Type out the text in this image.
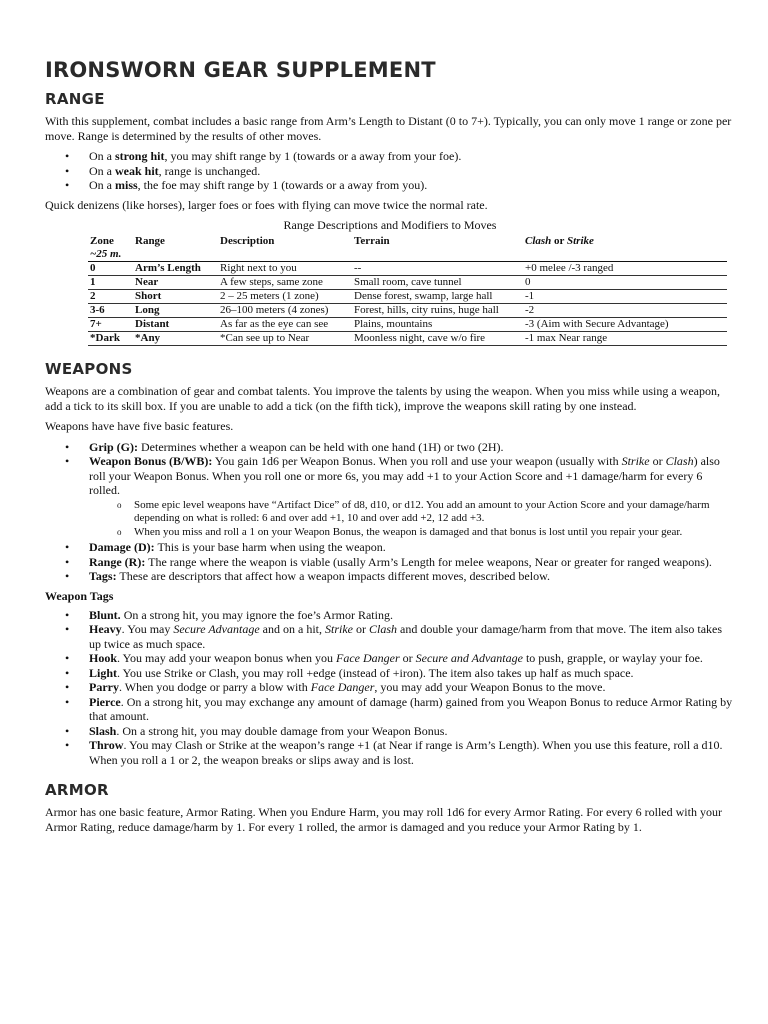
IRONSWORN GEAR SUPPLEMENT
RANGE

With this supplement, combat includes a basic range from Arm’s Length to Distant (0 to 7+). Typically, you can only move 1 range or zone per move. Range is determined by the results of other moves.

• On a strong hit, you may shift range by 1 (towards or a away from your foe).
• On a weak hit, range is unchanged.
• On a miss, the foe may shift range by 1 (towards or a away from you).

Quick denizens (like horses), larger foes or foes with flying can move twice the normal rate.

Range Descriptions and Modifiers to Moves
Zone
~25 m.	Range	Description	Terrain	Clash or Strike
0	Arm’s Length	Right next to you	--	+0 melee /-3 ranged
1	Near	A few steps, same zone	Small room, cave tunnel	0
2	Short	2 – 25 meters (1 zone)	Dense forest, swamp, large hall	-1
3-6	Long	26–100 meters (4 zones)	Forest, hills, city ruins, huge hall	-2
7+	Distant	As far as the eye can see	Plains, mountains	-3 (Aim with Secure Advantage)
*Dark	*Any	*Can see up to Near	Moonless night, cave w/o fire	-1 max Near range
WEAPONS

Weapons are a combination of gear and combat talents. You improve the talents by using the weapon. When you miss while using a weapon, add a tick to its skill box. If you are unable to add a tick (on the fifth tick), improve the weapons skill rating by one instead.

Weapons have have five basic features.

• Grip (G): Determines whether a weapon can be held with one hand (1H) or two (2H).
• Weapon Bonus (B/WB): You gain 1d6 per Weapon Bonus. When you roll and use your weapon (usually with Strike or Clash) also roll your Weapon Bonus. When you roll one or more 6s, you may add +1 to your Action Score and +1 damage/harm for every 6 rolled.
o Some epic level weapons have “Artifact Dice” of d8, d10, or d12. You add an amount to your Action Score and your damage/harm depending on what is rolled: 6 and over add +1, 10 and over add +2, 12 add +3.
o When you miss and roll a 1 on your Weapon Bonus, the weapon is damaged and that bonus is lost until you repair your gear.
• Damage (D): This is your base harm when using the weapon.
• Range (R): The range where the weapon is viable (usally Arm’s Length for melee weapons, Near or greater for ranged weapons).
• Tags: These are descriptors that affect how a weapon impacts different moves, described below.
Weapon Tags
• Blunt. On a strong hit, you may ignore the foe’s Armor Rating.
• Heavy. You may Secure Advantage and on a hit, Strike or Clash and double your damage/harm from that move. The item also takes up twice as much space.
• Hook. You may add your weapon bonus when you Face Danger or Secure and Advantage to push, grapple, or waylay your foe.
• Light. You use Strike or Clash, you may roll +edge (instead of +iron). The item also takes up half as much space.
• Parry. When you dodge or parry a blow with Face Danger, you may add your Weapon Bonus to the move.
• Pierce. On a strong hit, you may exchange any amount of damage (harm) gained from you Weapon Bonus to reduce Armor Rating by that amount.
• Slash. On a strong hit, you may double damage from your Weapon Bonus.
• Throw. You may Clash or Strike at the weapon’s range +1 (at Near if range is Arm’s Length). When you use this feature, roll a d10. When you roll a 1 or 2, the weapon breaks or slips away and is lost.
ARMOR

Armor has one basic feature, Armor Rating. When you Endure Harm, you may roll 1d6 for every Armor Rating. For every 6 rolled with your Armor Rating, reduce damage/harm by 1. For every 1 rolled, the armor is damaged and you reduce your Armor Rating by 1.
